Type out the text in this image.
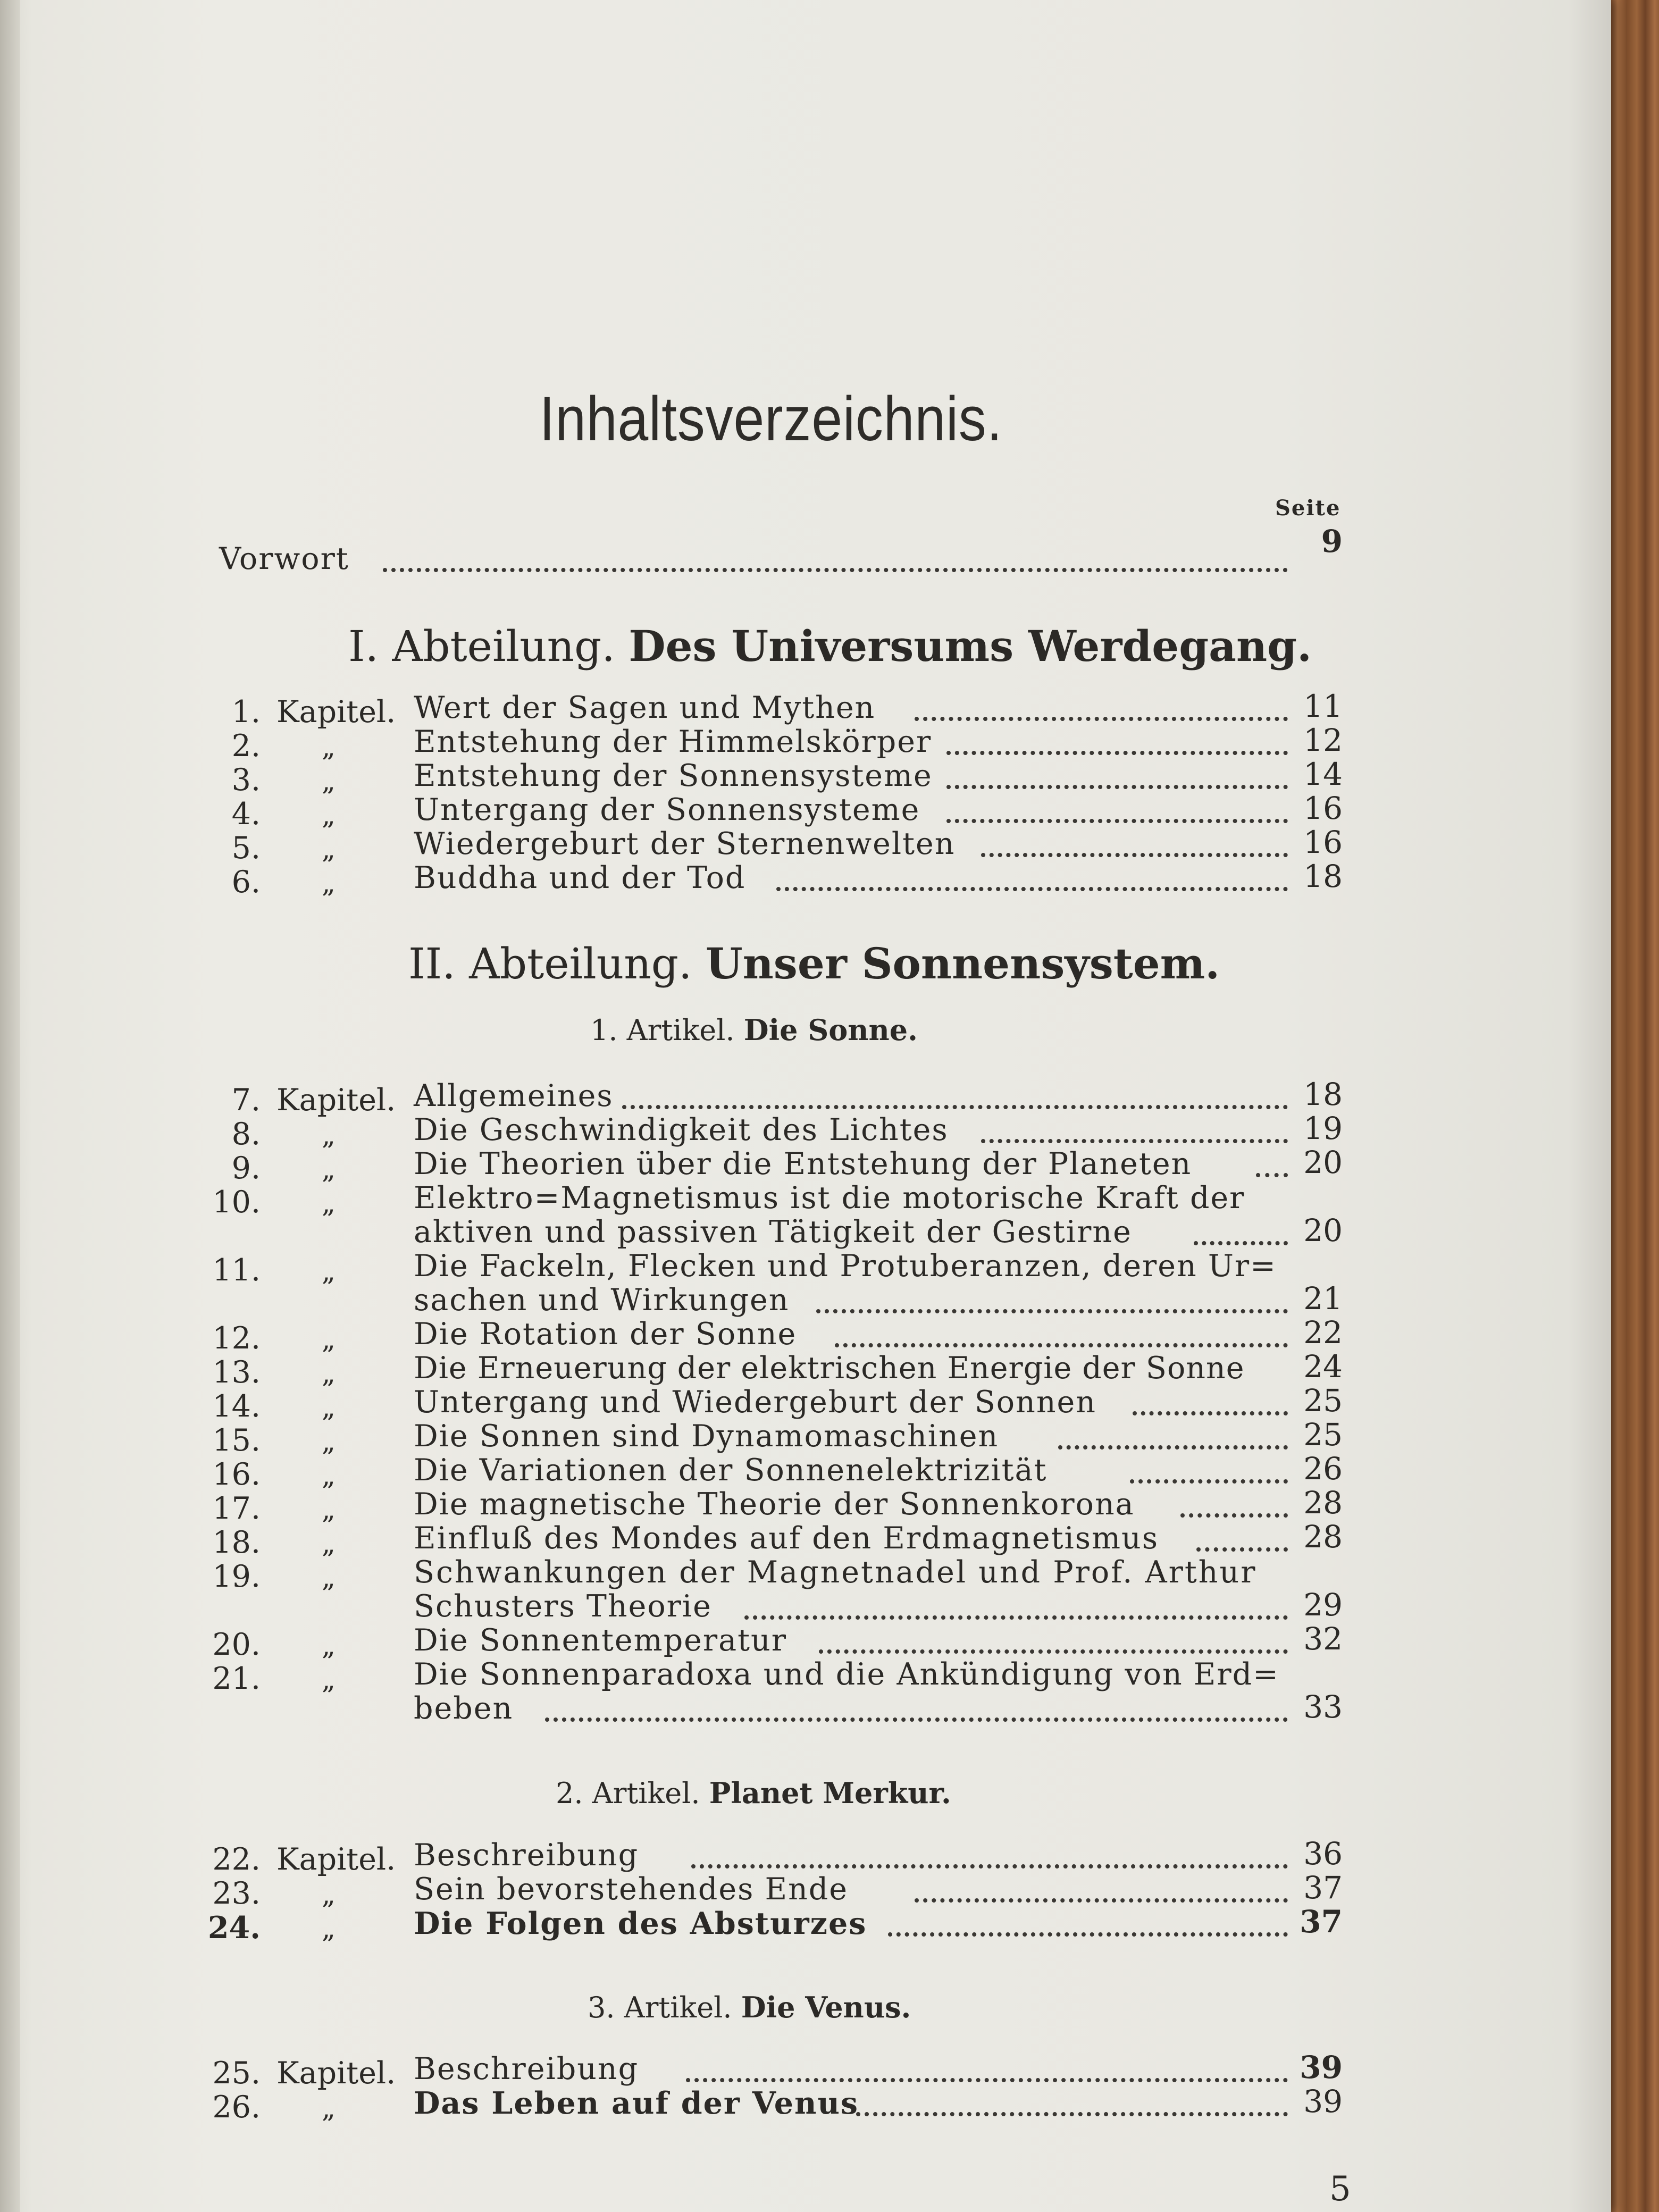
Inhaltsverzeichnis.
Seite
Vorwort	9
I. Abteilung. Des Universums Werdegang.
1. Kapitel. Wert der Sagen und Mythen	11
2. „	Entstehung der Himmelskörper	12
3. „	Entstehung der Sonnensysteme	14
4. „	Untergang der Sonnensysteme	16
5. „	Wiedergeburt der Sternenwelten	16
6. „	Buddha und der Tod	18
II. Abteilung. Unser Sonnensystem.
1. Artikel. Die Sonne.
7. Kapitel. Allgemeines	18
8. „	Die Geschwindigkeit des Lichtes	19
9. „	Die Theorien über die Entstehung der Planeten	20
10. „	Elektro=Magnetismus ist die motorische Kraft der
aktiven und passiven Tätigkeit der Gestirne	20
11. „	Die Fackeln, Flecken und Protuberanzen, deren Ur=
sachen und Wirkungen	21
12. „	Die Rotation der Sonne	22
13. „	Die Erneuerung der elektrischen Energie der Sonne 24
14. „	Untergang und Wiedergeburt der Sonnen	25
15. „	Die Sonnen sind Dynamomaschinen	25
16. „	Die Variationen der Sonnenelektrizität	26
17. „	Die magnetische Theorie der Sonnenkorona	28
18. „	Einfluß des Mondes auf den Erdmagnetismus	28
19. „	Schwankungen der Magnetnadel und Prof. Arthur
Schusters Theorie	29
20. „	Die Sonnentemperatur	32
21. „	Die Sonnenparadoxa und die Ankündigung von Erd=
beben	33
2. Artikel. Planet Merkur.
22. Kapitel. Beschreibung	36
23. „	Sein bevorstehendes Ende	37
24. „	Die Folgen des Absturzes	37
3. Artikel. Die Venus.
25. Kapitel. Beschreibung	39
26. „	Das Leben auf der Venus	39
5
